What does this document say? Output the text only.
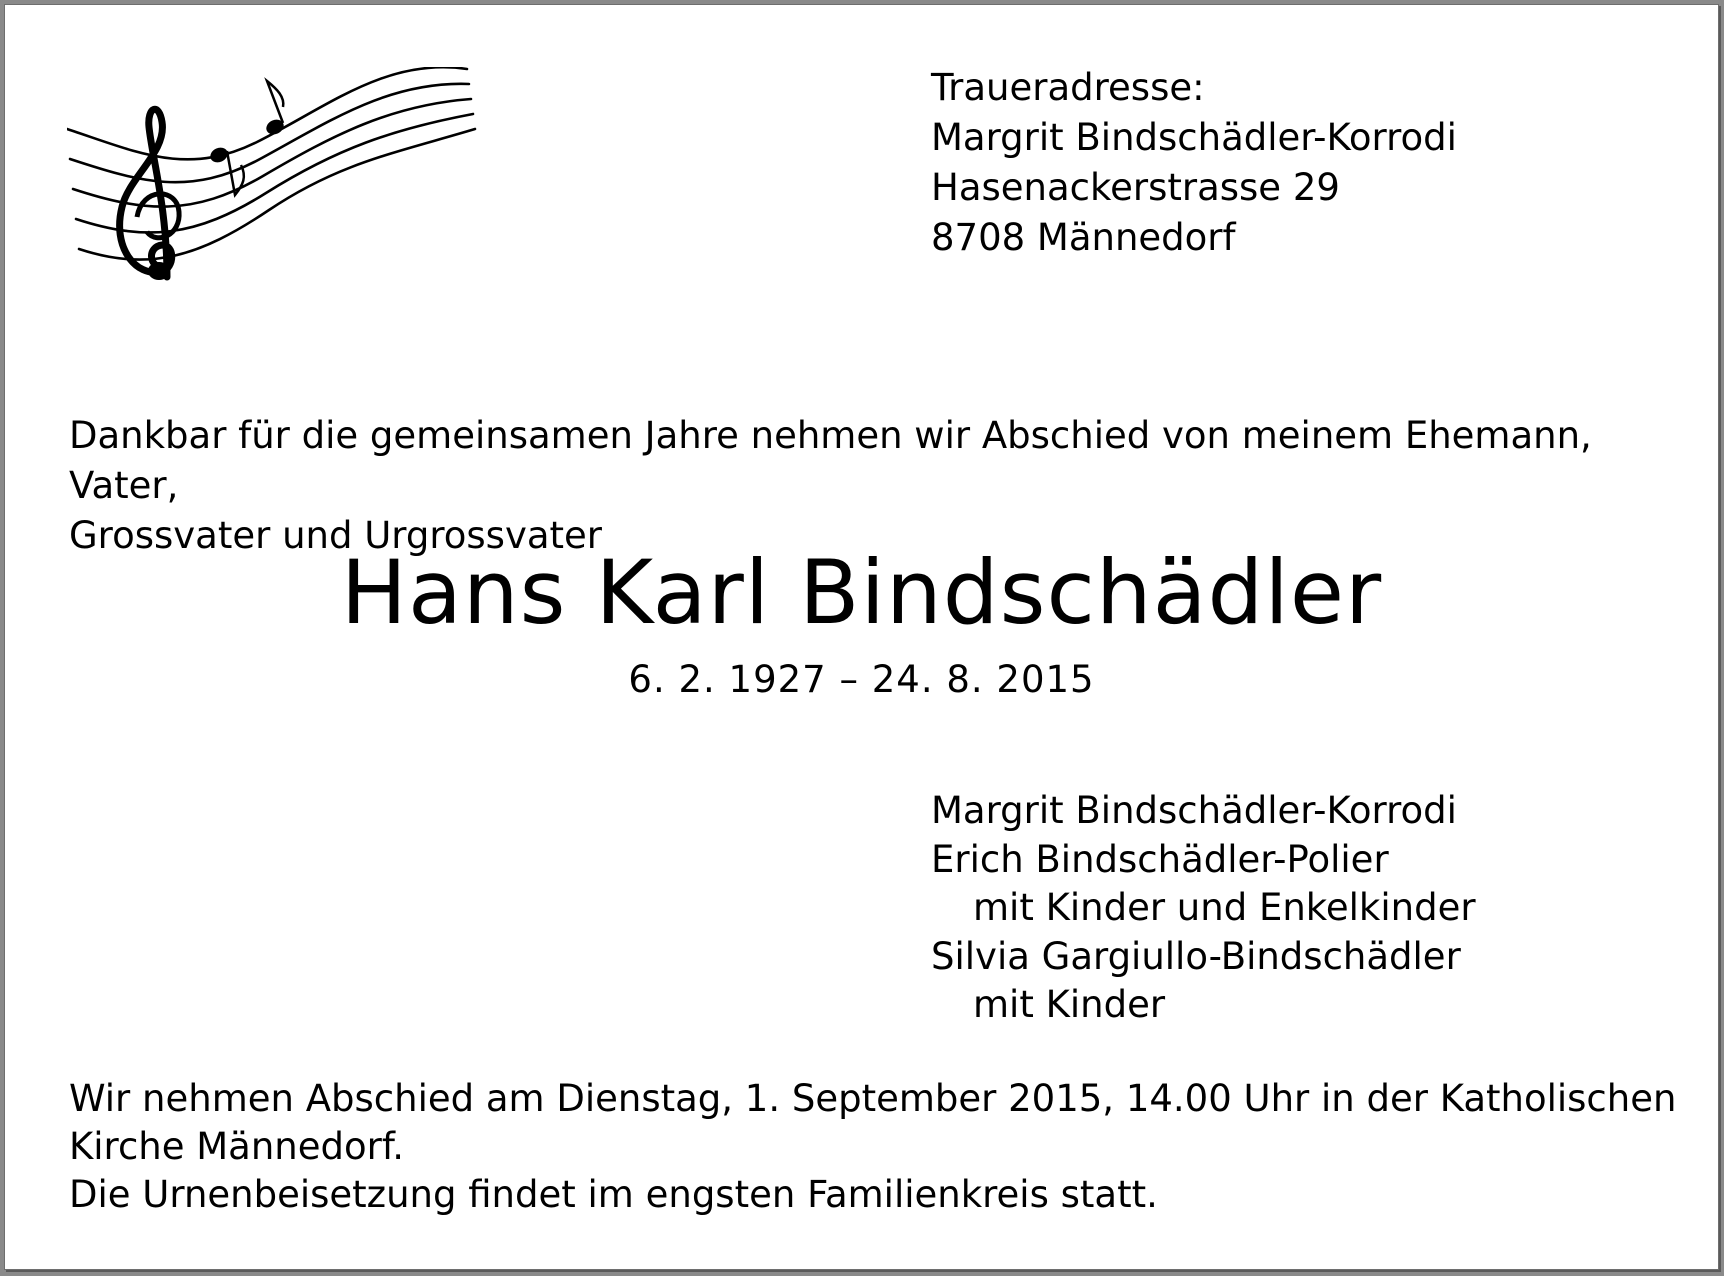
Traueradresse:
Margrit Bindschädler-Korrodi
Hasenackerstrasse 29
8708 Männedorf
Dankbar für die gemeinsamen Jahre nehmen wir Abschied von meinem Ehemann, Vater,
Grossvater und Urgrossvater
Hans Karl Bindschädler
6. 2. 1927 – 24. 8. 2015
Margrit Bindschädler-Korrodi
Erich Bindschädler-Polier
mit Kinder und Enkelkinder
Silvia Gargiullo-Bindschädler
mit Kinder
Wir nehmen Abschied am Dienstag, 1. September 2015, 14.00 Uhr in der Katholischen
Kirche Männedorf.
Die Urnenbeisetzung findet im engsten Familienkreis statt.
